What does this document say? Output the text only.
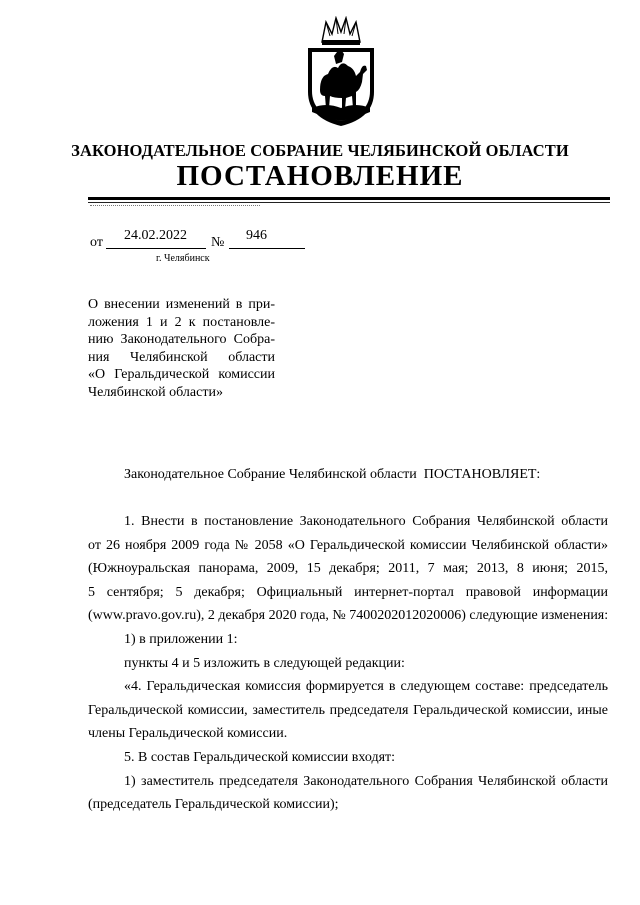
ЗАКОНОДАТЕЛЬНОЕ СОБРАНИЕ ЧЕЛЯБИНСКОЙ ОБЛАСТИ
ПОСТАНОВЛЕНИЕ
от 24.02.2022 № 946
г. Челябинск
О внесении изменений в при-
ложения 1 и 2 к постановле-
нию Законодательного Собра-
ния Челябинской области
«О Геральдической комиссии
Челябинской области»
Законодательное Собрание Челябинской области  ПОСТАНОВЛЯЕТ:
1. Внести в постановление Законодательного Собрания Челябинской области
от 26 ноября 2009 года № 2058 «О Геральдической комиссии Челябинской области»
(Южноуральская панорама, 2009, 15 декабря; 2011, 7 мая; 2013, 8 июня; 2015,
5 сентября; 5 декабря; Официальный интернет-портал правовой информации
(www.pravo.gov.ru), 2 декабря 2020 года, № 7400202012020006) следующие изменения:
1) в приложении 1:
пункты 4 и 5 изложить в следующей редакции:
«4. Геральдическая комиссия формируется в следующем составе: председатель
Геральдической комиссии, заместитель председателя Геральдической комиссии, иные
члены Геральдической комиссии.
5. В состав Геральдической комиссии входят:
1) заместитель председателя Законодательного Собрания Челябинской области
(председатель Геральдической комиссии);
